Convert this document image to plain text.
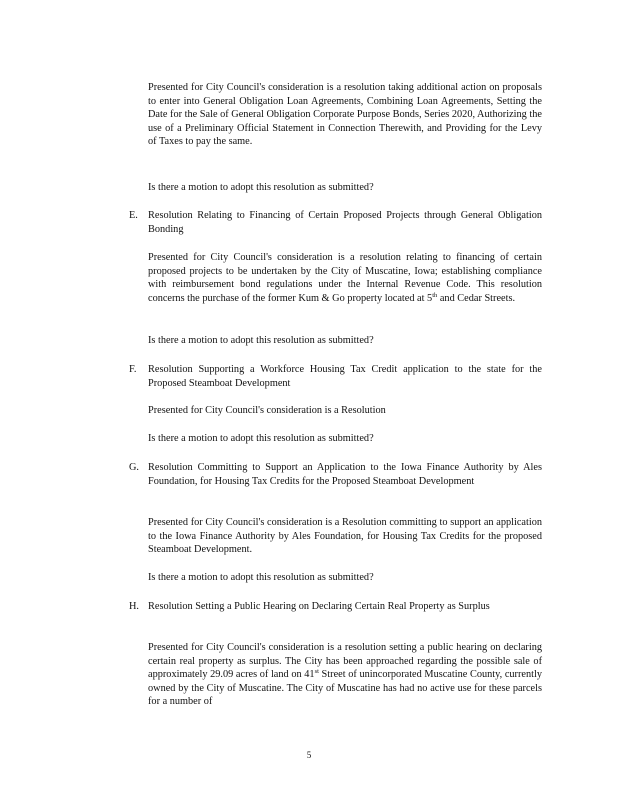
Presented for City Council's consideration is a resolution taking additional action on proposals to enter into General Obligation Loan Agreements, Combining Loan Agreements, Setting the Date for the Sale of General Obligation Corporate Purpose Bonds, Series 2020, Authorizing the use of a Preliminary Official Statement in Connection Therewith, and Providing for the Levy of Taxes to pay the same.

Is there a motion to adopt this resolution as submitted?

E. Resolution Relating to Financing of Certain Proposed Projects through General Obligation Bonding

Presented for City Council's consideration is a resolution relating to financing of certain proposed projects to be undertaken by the City of Muscatine, Iowa; establishing compliance with reimbursement bond regulations under the Internal Revenue Code. This resolution concerns the purchase of the former Kum & Go property located at 5th and Cedar Streets.

Is there a motion to adopt this resolution as submitted?

F. Resolution Supporting a Workforce Housing Tax Credit application to the state for the Proposed Steamboat Development

Presented for City Council's consideration is a Resolution

Is there a motion to adopt this resolution as submitted?

G. Resolution Committing to Support an Application to the Iowa Finance Authority by Ales Foundation, for Housing Tax Credits for the Proposed Steamboat Development

Presented for City Council's consideration is a Resolution committing to support an application to the Iowa Finance Authority by Ales Foundation, for Housing Tax Credits for the proposed Steamboat Development.

Is there a motion to adopt this resolution as submitted?

H. Resolution Setting a Public Hearing on Declaring Certain Real Property as Surplus

Presented for City Council's consideration is a resolution setting a public hearing on declaring certain real property as surplus. The City has been approached regarding the possible sale of approximately 29.09 acres of land on 41st Street of unincorporated Muscatine County, currently owned by the City of Muscatine. The City of Muscatine has had no active use for these parcels for a number of

5
